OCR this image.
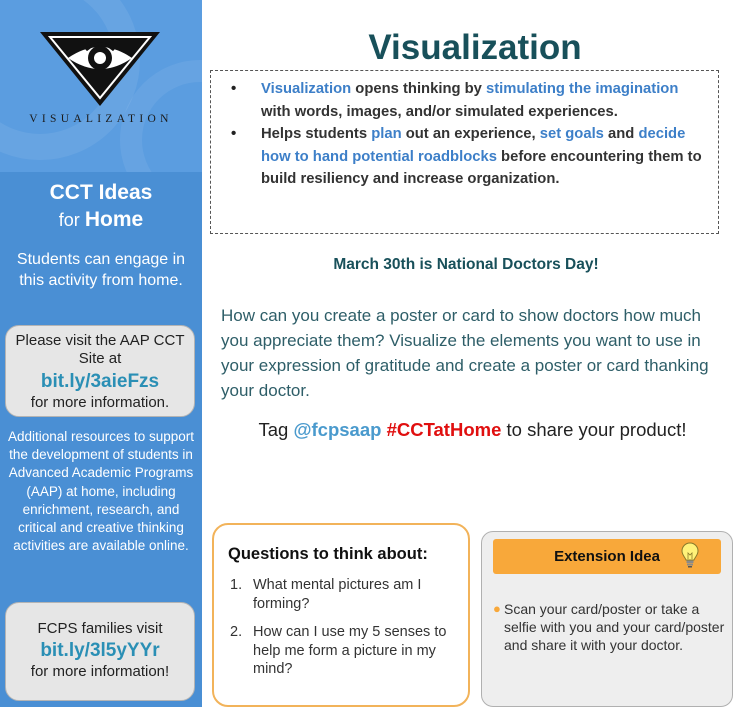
VISUALIZATION
CCT Ideas
for Home
Students can engage in this activity from home.
Please visit the AAP CCT Site at
bit.ly/3aieFzs
for more information.
Additional resources to support the development of students in Advanced Academic Programs (AAP) at home, including enrichment, research, and critical and creative thinking activities are available online.
FCPS families visit
bit.ly/3l5yYYr
for more information!
Visualization
• Visualization opens thinking by stimulating the imagination with words, images, and/or simulated experiences.
• Helps students plan out an experience, set goals and decide how to hand potential roadblocks before encountering them to build resiliency and increase organization.
March 30th is National Doctors Day!
How can you create a poster or card to show doctors how much you appreciate them? Visualize the elements you want to use in your expression of gratitude and create a poster or card thanking your doctor.
Tag @fcpsaap #CCTatHome to share your product!
Questions to think about:
1. What mental pictures am I forming?
2. How can I use my 5 senses to help me form a picture in my mind?
Extension Idea
● Scan your card/poster or take a selfie with you and your card/poster and share it with your doctor.
